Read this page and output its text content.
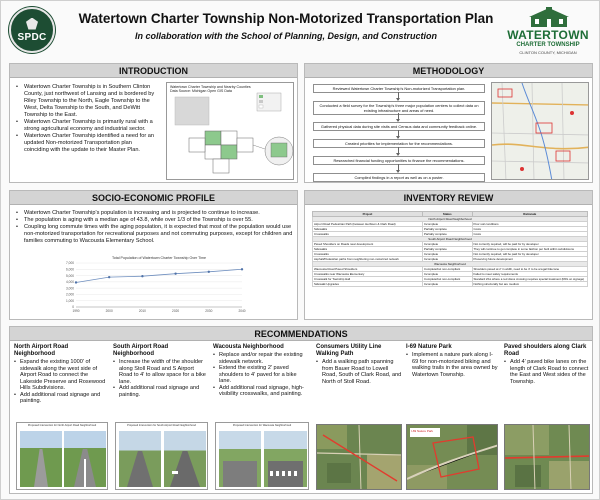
SPDC
Watertown Charter Township Non-Motorized Transportation Plan
In collaboration with the School of Planning, Design, and Construction	WATERTOWN
CHARTER TOWNSHIP
CLINTON COUNTY, MICHIGAN
INTRODUCTION
• Watertown Charter Township is in Southern Clinton County, just northwest of Lansing and is bordered by Riley Township to the North, Eagle Township to the West, Delta Township to the South, and DeWitt Township to the East.
• Watertown Charter Township is primarily rural with a strong agricultural economy and industrial sector.
• Watertown Charter Township identified a need for an updated Non-motorized Transportation plan coinciding with the update to their Master Plan.
Watertown Charter Township and Nearby Counties
Data Source: Michigan Open GIS Data
METHODOLOGY
Reviewed Watertown Charter Township's Non-motorized Transportation plan.
Conducted a field survey for the Township's three major population centers to collect data on existing infrastructure and areas of need.
Gathered physical data during site visits and Census data and community feedback online.
Created priorities for implementation for the recommendations.
Researched financial funding opportunities to finance the recommendations.
Compiled findings in a report as well as on a poster.
SOCIO-ECONOMIC PROFILE
• Watertown Charter Township's population is increasing and is projected to continue to increase.
• The population is aging with a median age of 43.8, while over 1/3 of the Township is over 55.
• Coupling long commute times with the aging population, it is expected that most of the population would use non-motorized transportation for recreational purposes and not commuting purposes, except for children and families commuting to Wacousta Elementary School.
Total Population of Watertown Charter Township Over Time
0
1,000
2,000
3,000
4,000
5,000
6,000
7,000
1990	2000	2010	2020	2030	2040
INVENTORY REVIEW
Project	Status	Rationale
North Airport Road Neighborhood		
Airport Road Pedestrian Path (between Herbison & Clark Road)	Incomplete	Poor soil conditions
Sidewalks	Partially complete	Costs
Crosswalks	Partially complete	Costs
South Airport Road Neighborhood		
Paved Shoulders on Roads near development	Incomplete	Not currently required, will be paid for by developer
Sidewalks	Partially complete	They will continue to get complete in some fashion per built within subdivisions
Crosswalks	Incomplete	Not currently required, will be paid for by developer
Asphalt/Pedestrian paths from neighboring non-motorized network	Incomplete	Preserving future development
Wacousta Neighborhood		
Wacousta Road Paved Shoulders	Complete/but non-compliant	Shoulders paved at 2' in width, need to be 4' to be a legal bike lane
Crosswalks near Wacousta Elementary	Incomplete	Failed to meet safety requirements
Crosswalk for Township Hall	Complete/but non-compliant	Standard ZAL where a red dress crossing requires special treatment (RRL on signage)
Sidewalk Upgrades	Incomplete	Nothing structurally but are medium
RECOMMENDATIONS
North Airport Road Neighborhood
• Expand the existing 1000' of sidewalk along the west side of Airport Road to connect the Lakeside Preserve and Rosewood Hills Subdivisions.
• Add additional road signage and painting.
South Airport Road Neighborhood
• Increase the width of the shoulder along Stoll Road and S Airport Road to 4' to allow space for a bike lane.
• Add additional road signage and painting.
Wacousta Neighborhood
• Replace and/or repair the existing sidewalk network.
• Extend the existing 2' paved shoulders to 4' paved for a bike lane.
• Add additional road signage, high-visibility crosswalks, and painting.
Consumers Utility Line Walking Path
• Add a walking path spanning from Bauer Road to Lowell Road, South of Clark Road, and North of Stoll Road.
I-69 Nature Park
• Implement a nature park along I-69 for non-motorized biking and walking trails in the area owned by Watertown Township.
Paved shoulders along Clark Road
• Add 4' paved bike lanes on the length of Clark Road to connect the East and West sides of the Township.
Proposed Intervention for North Airport Road Neighborhood	Proposed Intervention for South Airport Road Neighborhood	Proposed Intervention for Wacousta Neighborhood
I-69 Nature Park
